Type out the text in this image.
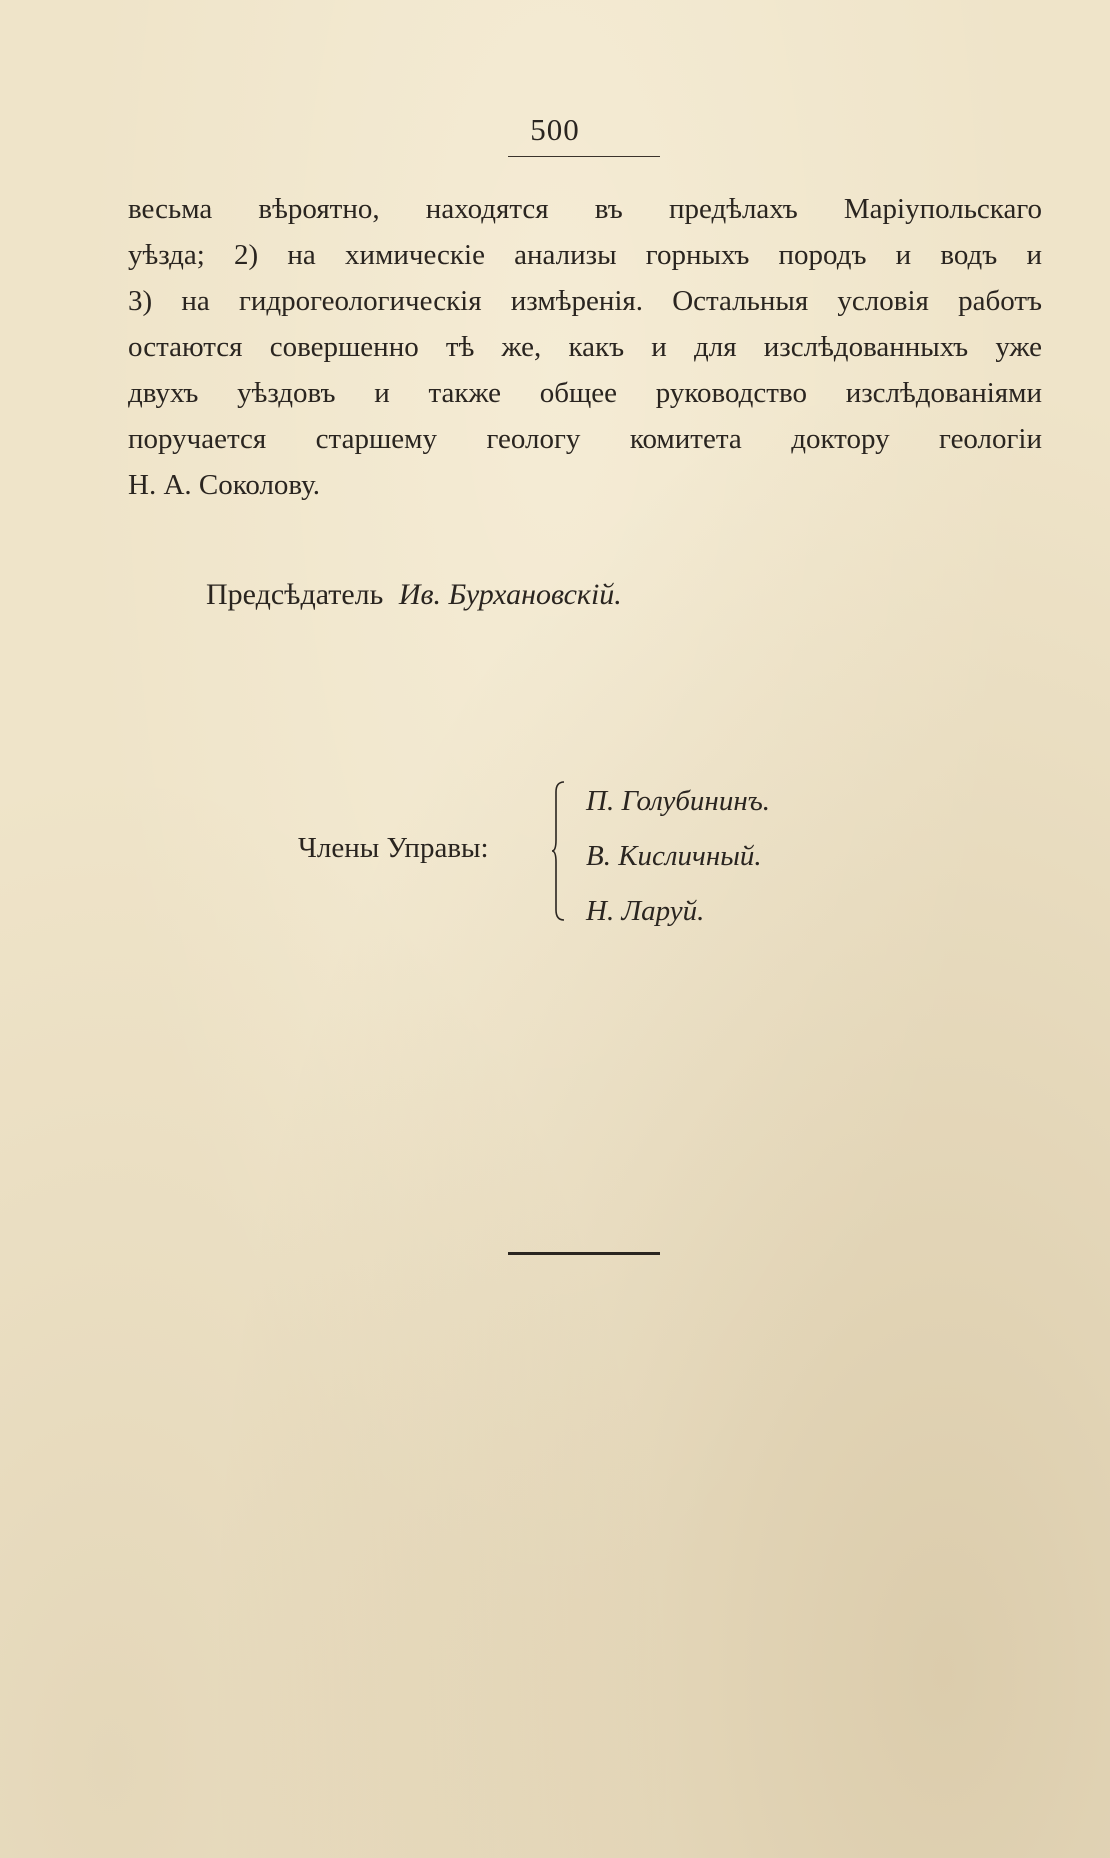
500
весьма вѣроятно, находятся въ предѣлахъ Маріупольскаго
уѣзда; 2) на химическіе анализы горныхъ породъ и водъ и
3) на гидрогеологическія измѣренія. Остальныя условія работъ
остаются совершенно тѣ же, какъ и для изслѣдованныхъ уже
двухъ уѣздовъ и также общее руководство изслѣдованіями
поручается старшему геологу комитета доктору геологіи
Н. А. Соколову.
Предсѣдатель Ив. Бурхановскій.
Члены Управы:
П. Голубининъ.
В. Кисличный.
Н. Ларуй.
